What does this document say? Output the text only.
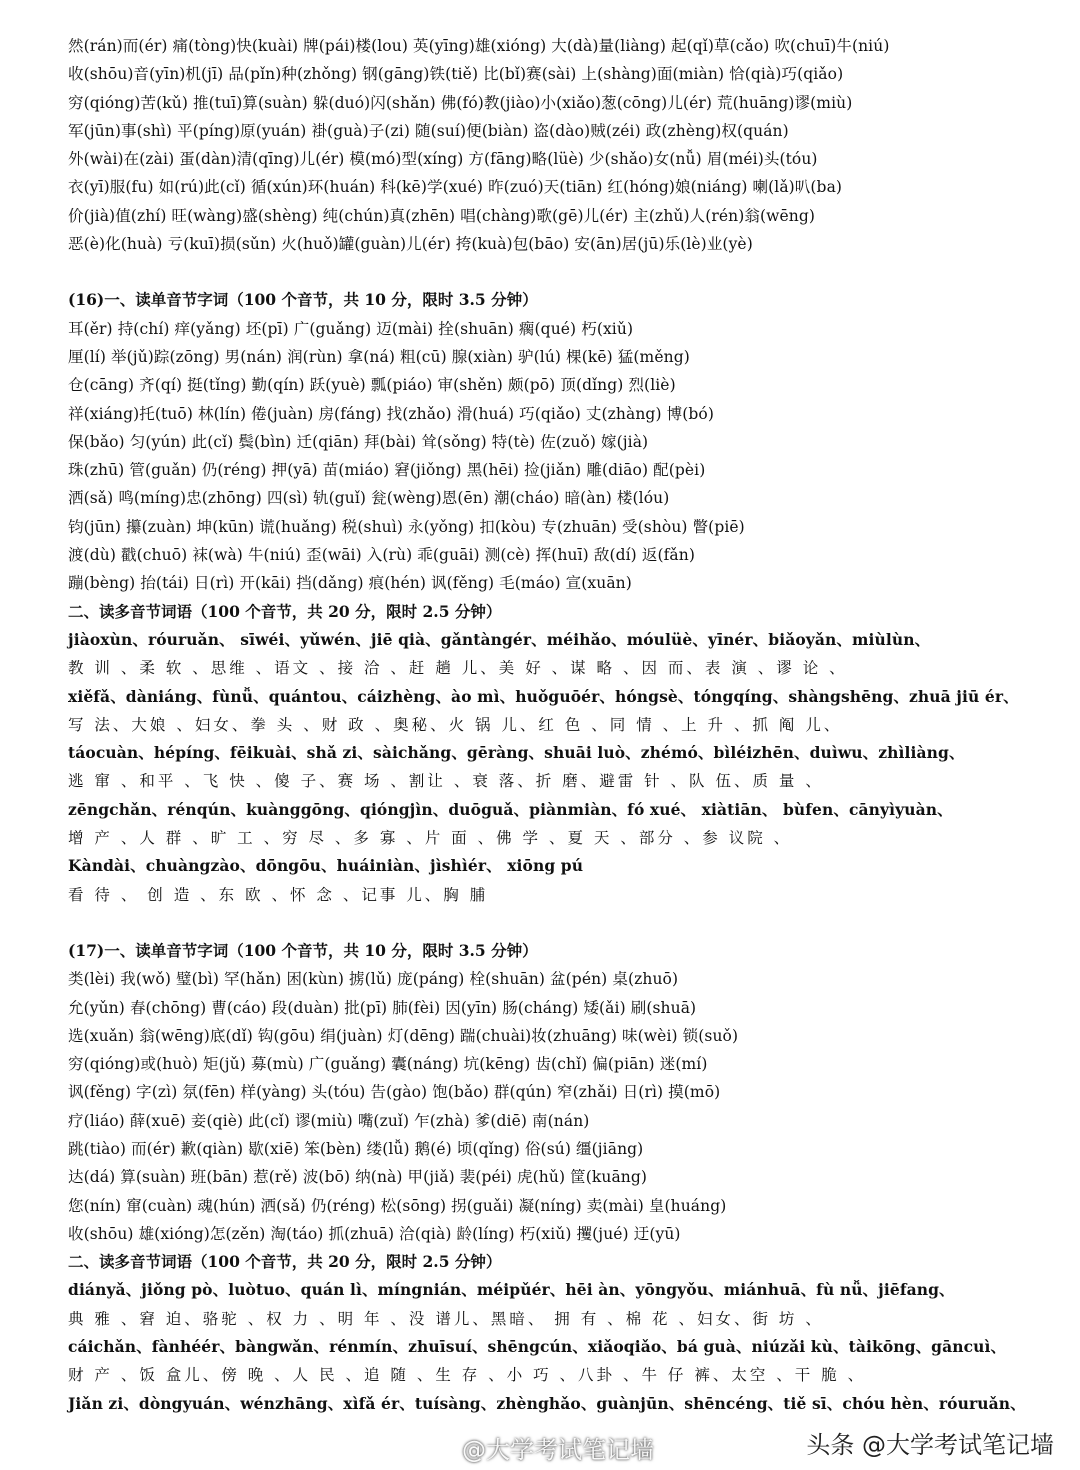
然(rán)而(ér) 痛(tòng)快(kuài) 牌(pái)楼(lou) 英(yīng)雄(xióng) 大(dà)量(liàng) 起(qǐ)草(cǎo) 吹(chuī)牛(niú)
收(shōu)音(yīn)机(jī) 品(pǐn)种(zhǒng) 钢(gāng)铁(tiě) 比(bǐ)赛(sài) 上(shàng)面(miàn) 恰(qià)巧(qiǎo)
穷(qióng)苦(kǔ) 推(tuī)算(suàn) 躲(duó)闪(shǎn) 佛(fó)教(jiào)小(xiǎo)葱(cōng)儿(ér) 荒(huāng)谬(miù)
军(jūn)事(shì) 平(píng)原(yuán) 褂(guà)子(zi) 随(suí)便(biàn) 盗(dào)贼(zéi) 政(zhèng)权(quán)
外(wài)在(zài) 蛋(dàn)清(qīng)儿(ér) 模(mó)型(xíng) 方(fāng)略(lüè) 少(shǎo)女(nǚ) 眉(méi)头(tóu)
衣(yī)服(fu) 如(rú)此(cǐ) 循(xún)环(huán) 科(kē)学(xué) 昨(zuó)天(tiān) 红(hóng)娘(niáng) 喇(lǎ)叭(ba)
价(jià)值(zhí) 旺(wàng)盛(shèng) 纯(chún)真(zhēn) 唱(chàng)歌(gē)儿(ér) 主(zhǔ)人(rén)翁(wēng)
恶(è)化(huà) 亏(kuī)损(sǔn) 火(huǒ)罐(guàn)儿(ér) 挎(kuà)包(bāo) 安(ān)居(jū)乐(lè)业(yè)
(16)一、读单音节字词（100 个音节，共 10 分，限时 3.5 分钟）
耳(ěr) 持(chí) 痒(yǎng) 坯(pī) 广(guǎng) 迈(mài) 拴(shuān) 瘸(qué) 朽(xiǔ)
厘(lí) 举(jǔ)踪(zōng) 男(nán) 润(rùn) 拿(ná) 粗(cū) 腺(xiàn) 驴(lú) 棵(kē) 猛(měng)
仓(cāng) 齐(qí) 挺(tǐng) 勤(qín) 跃(yuè) 瓢(piáo) 审(shěn) 颇(pō) 顶(dǐng) 烈(liè)
祥(xiáng)托(tuō) 林(lín) 倦(juàn) 房(fáng) 找(zhǎo) 滑(huá) 巧(qiǎo) 丈(zhàng) 博(bó)
保(bǎo) 匀(yún) 此(cǐ) 鬓(bìn) 迁(qiān) 拜(bài) 耸(sǒng) 特(tè) 佐(zuǒ) 嫁(jià)
珠(zhū) 管(guǎn) 仍(réng) 押(yā) 苗(miáo) 窘(jiǒng) 黑(hēi) 捡(jiǎn) 雕(diāo) 配(pèi)
洒(sǎ) 鸣(míng)忠(zhōng) 四(sì) 轨(guǐ) 瓮(wèng)恩(ēn) 潮(cháo) 暗(àn) 楼(lóu)
钧(jūn) 攥(zuàn) 坤(kūn) 谎(huǎng) 税(shuì) 永(yǒng) 扣(kòu) 专(zhuān) 受(shòu) 瞥(piē)
渡(dù) 戳(chuō) 袜(wà) 牛(niú) 歪(wāi) 入(rù) 乖(guāi) 测(cè) 挥(huī) 敌(dí) 返(fǎn)
蹦(bèng) 抬(tái) 日(rì) 开(kāi) 挡(dǎng) 痕(hén) 讽(fěng) 毛(máo) 宣(xuān)
二、读多音节词语（100 个音节，共 20 分，限时 2.5 分钟）
jiàoxùn、róuruǎn、 sīwéi、yǔwén、jiē qià、gǎntàngér、méihǎo、móulüè、yīnér、biǎoyǎn、miùlùn、
教 训 、柔 软 、思维 、语文 、接 洽 、赶 趟 儿、美 好 、谋 略 、因 而、表 演 、谬 论 、
xiěfǎ、dàniáng、fùnǚ、quántou、cáizhèng、ào mì、huǒguōér、hóngsè、tóngqíng、shàngshēng、zhuā jiū ér、
写 法、大娘 、妇女、拳 头 、财 政 、奥秘、火 锅 儿、红 色 、同 情 、上 升 、抓 阄 儿、
táocuàn、hépíng、fēikuài、shǎ zi、sàichǎng、gēràng、shuāi luò、zhémó、bìléizhēn、duìwu、zhìliàng、
逃 窜 、和平 、飞 快 、傻 子、赛 场 、割让 、衰 落、折 磨、避雷 针 、队 伍、质 量 、
zēngchǎn、rénqún、kuànggōng、qióngjìn、duōguǎ、piànmiàn、fó xué、 xiàtiān、 bùfen、cānyìyuàn、
增 产 、人 群 、旷 工 、穷 尽 、多 寡 、片 面 、佛 学 、夏 天 、部分 、参 议院 、
Kàndài、chuàngzào、dōngōu、huáiniàn、jìshìér、 xiōng pú
看 待 、 创 造 、东 欧 、怀 念 、记事 儿、胸 脯
(17)一、读单音节字词（100 个音节，共 10 分，限时 3.5 分钟）
类(lèi) 我(wǒ) 璧(bì) 罕(hǎn) 困(kùn) 掳(lǔ) 庞(páng) 栓(shuān) 盆(pén) 桌(zhuō)
允(yǔn) 春(chōng) 曹(cáo) 段(duàn) 批(pī) 肺(fèi) 因(yīn) 肠(cháng) 矮(ǎi) 刷(shuā)
选(xuǎn) 翁(wēng)底(dǐ) 钩(gōu) 绢(juàn) 灯(dēng) 踹(chuài)妆(zhuāng) 味(wèi) 锁(suǒ)
穷(qióng)或(huò) 矩(jǔ) 募(mù) 广(guǎng) 囊(náng) 坑(kēng) 齿(chǐ) 偏(piān) 迷(mí)
讽(fěng) 字(zì) 氛(fēn) 样(yàng) 头(tóu) 告(gào) 饱(bǎo) 群(qún) 窄(zhǎi) 日(rì) 摸(mō)
疗(liáo) 薛(xuē) 妾(qiè) 此(cǐ) 谬(miù) 嘴(zuǐ) 乍(zhà) 爹(diē) 南(nán)
跳(tiào) 而(ér) 歉(qiàn) 歇(xiē) 笨(bèn) 缕(lǚ) 鹅(é) 顷(qǐng) 俗(sú) 缰(jiāng)
达(dá) 算(suàn) 班(bān) 惹(rě) 波(bō) 纳(nà) 甲(jiǎ) 裴(péi) 虎(hǔ) 筐(kuāng)
您(nín) 窜(cuàn) 魂(hún) 洒(sǎ) 仍(réng) 松(sōng) 拐(guǎi) 凝(níng) 卖(mài) 皇(huáng)
收(shōu) 雄(xióng)怎(zěn) 淘(táo) 抓(zhuā) 洽(qià) 龄(líng) 朽(xiǔ) 攫(jué) 迂(yū)
二、读多音节词语（100 个音节，共 20 分，限时 2.5 分钟）
diányǎ、jiǒng pò、luòtuo、quán lì、míngnián、méipǔér、hēi àn、yōngyǒu、miánhuā、fù nǚ、jiēfang、
典 雅 、窘 迫、骆驼 、权 力 、明 年 、没 谱儿、黑暗、 拥 有 、棉 花 、妇女、街 坊 、
cáichǎn、fànhéér、bàngwǎn、rénmín、zhuīsuí、shēngcún、xiǎoqiǎo、bá guà、niúzǎi kù、tàikōng、gāncuì、
财 产 、饭 盒儿、傍 晚 、人 民 、追 随 、生 存 、小 巧 、八卦 、牛 仔 裤、太空 、干 脆 、
Jiǎn zi、dòngyuán、wénzhāng、xìfǎ ér、tuísàng、zhènghǎo、guànjūn、shēncéng、tiě sī、chóu hèn、róuruǎn、
@大学考试笔记墙	头条 @大学考试笔记墙
